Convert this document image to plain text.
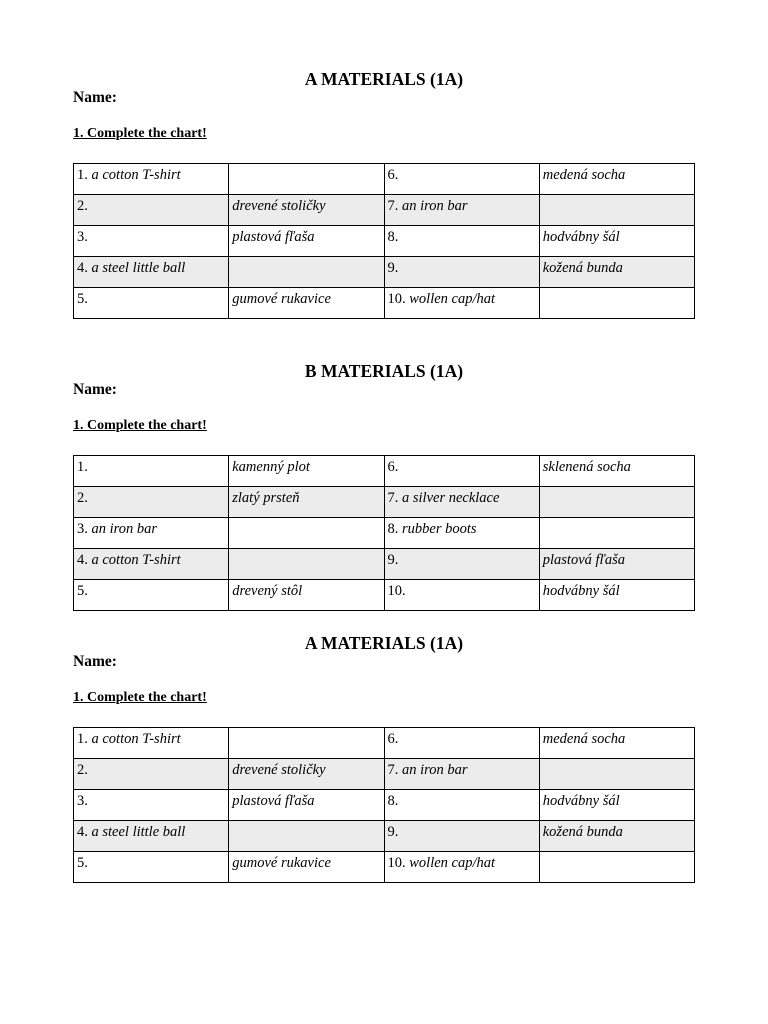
A MATERIALS (1A)
Name:
1. Complete the chart!
1. a cotton T-shirt		6.	medená socha
2.	drevené stoličky	7. an iron bar	
3.	plastová fľaša	8.	hodvábny šál
4. a steel little ball		9.	kožená bunda
5.	gumové rukavice	10. wollen cap/hat	
B MATERIALS (1A)
Name:
1. Complete the chart!
1.	kamenný plot	6.	sklenená socha
2.	zlatý prsteň	7. a silver necklace	
3. an iron bar		8. rubber boots	
4. a cotton T-shirt		9.	plastová fľaša
5.	drevený stôl	10.	hodvábny šál
A MATERIALS (1A)
Name:
1. Complete the chart!
1. a cotton T-shirt		6.	medená socha
2.	drevené stoličky	7. an iron bar	
3.	plastová fľaša	8.	hodvábny šál
4. a steel little ball		9.	kožená bunda
5.	gumové rukavice	10. wollen cap/hat	
